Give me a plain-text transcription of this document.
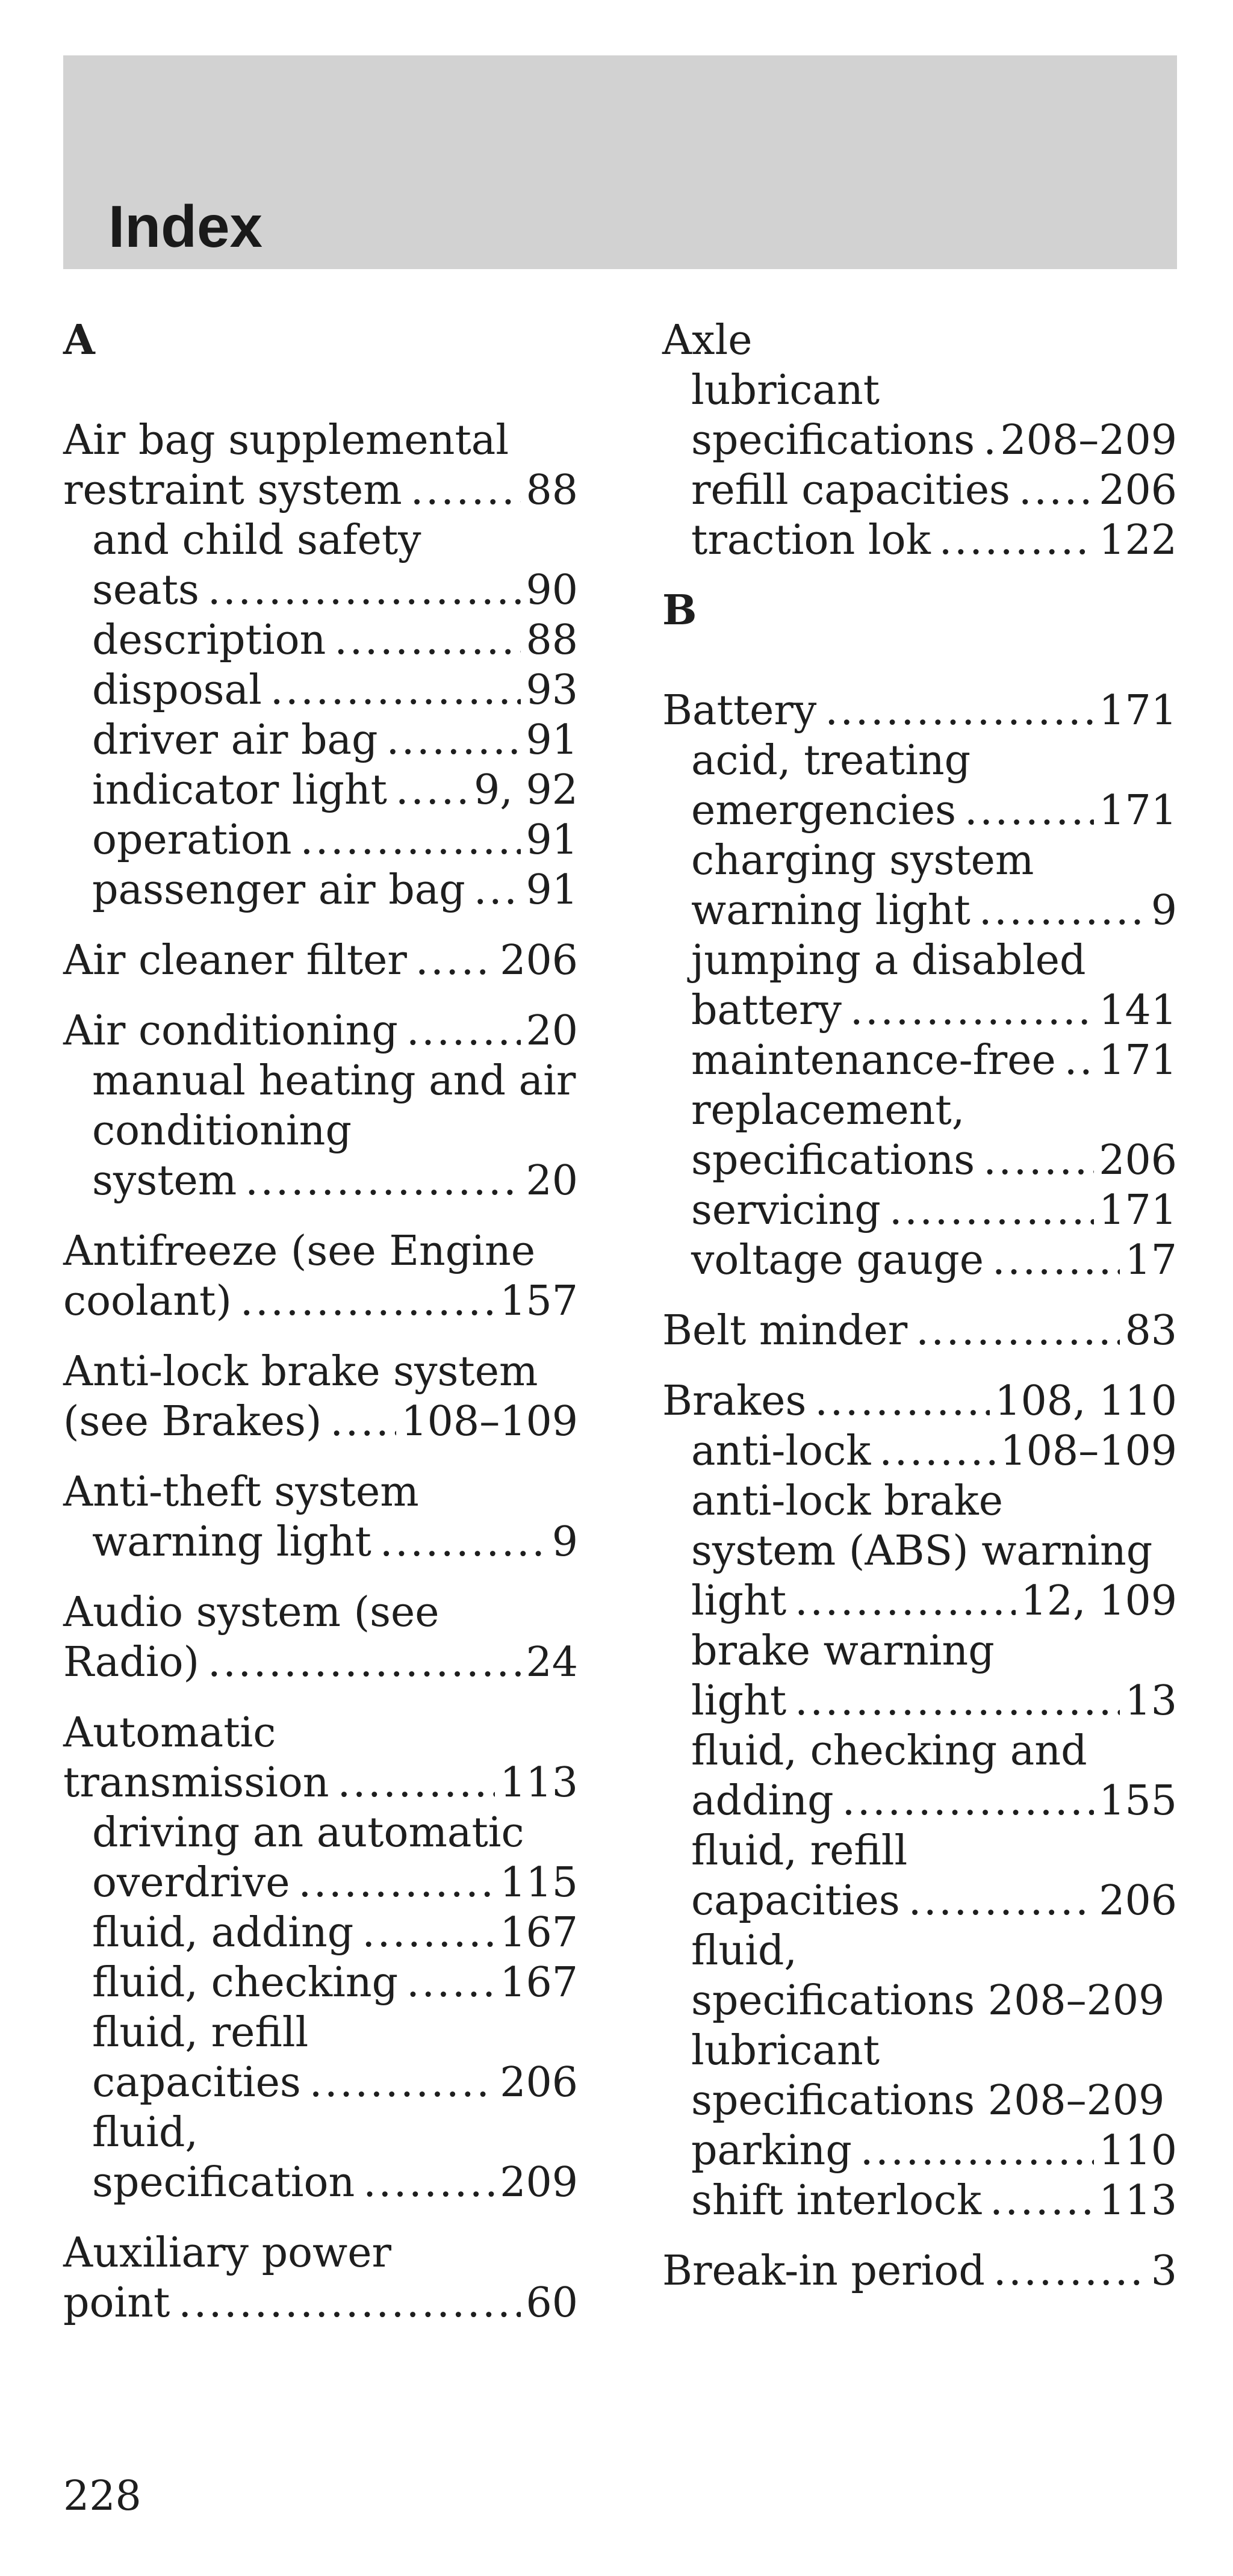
Index
A
Air bag supplemental
restraint system . . .	88
and child safety
seats . . .	90
description . . .	88
disposal . . .	93
driver air bag . . .	91
indicator light . . . 9, 92
operation . . .	91
passenger air bag . . . 91
Air cleaner filter . . . 206
Air conditioning . . .	20
manual heating and air
conditioning
system . . .	20
Antifreeze (see Engine
coolant) . . .	157
Anti-lock brake system
(see Brakes) . . . 108–109
Anti-theft system
warning light . . .	9
Audio system (see
Radio) . . .	24
Automatic
transmission . . .	113
driving an automatic
overdrive . . .	115
fluid, adding . . .	167
fluid, checking . . . 167
fluid, refill
capacities . . .	206
fluid,
specification . . .	209
Auxiliary power
point . . .	60
Axle
lubricant
specifications . . . 208–209
refill capacities . . . 206
traction lok . . .	122
B
Battery . . .	171
acid, treating
emergencies . . .	171
charging system
warning light . . .	9
jumping a disabled
battery . . .	141
maintenance-free . . . 171
replacement,
specifications . . .	206
servicing . . .	171
voltage gauge . . .	17
Belt minder . . .	83
Brakes . . .	108, 110
anti-lock . . .	108–109
anti-lock brake
system (ABS) warning
light . . .	12, 109
brake warning
light . . .	13
fluid, checking and
adding . . .	155
fluid, refill
capacities . . .	206
fluid,
specifications 208–209
lubricant
specifications 208–209
parking . . .	110
shift interlock . . .	113
Break-in period . . .	3
228
